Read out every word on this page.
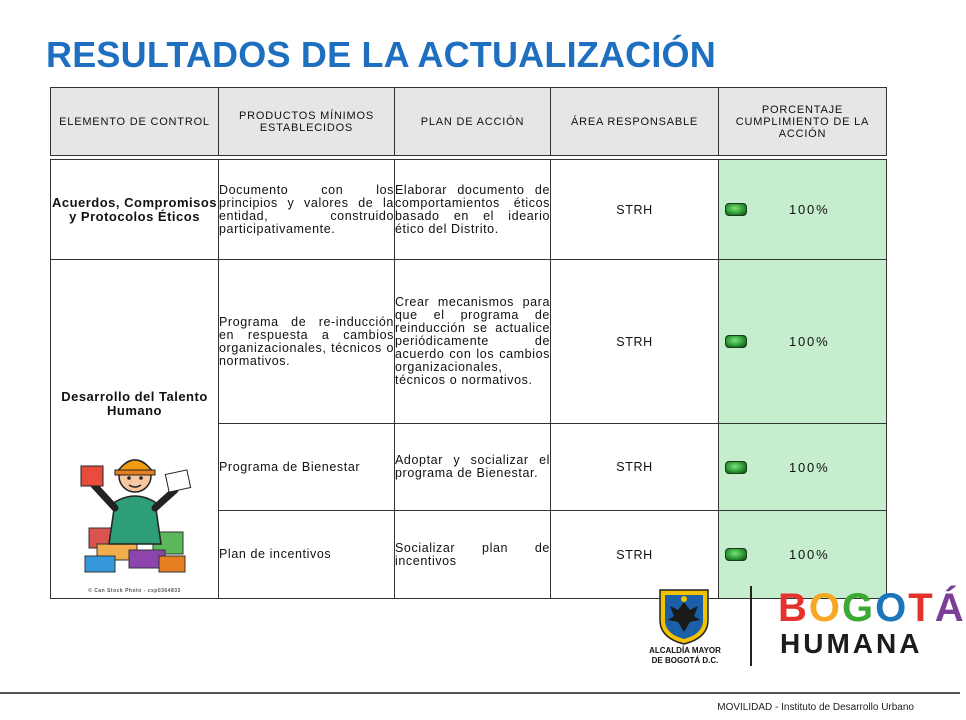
RESULTADOS DE LA ACTUALIZACIÓN
ELEMENTO DE CONTROL	PRODUCTOS MÍNIMOS ESTABLECIDOS	PLAN DE ACCIÓN	ÁREA RESPONSABLE	PORCENTAJE CUMPLIMIENTO DE LA ACCIÓN

Acuerdos, Compromisos y Protocolos Éticos	Documento con los principios y valores de la entidad, construido participativamente.	Elaborar documento de comportamientos éticos basado en el ideario ético del Distrito.	STRH	100%

Desarrollo del Talento Humano
© Can Stock Photo - csp0364833	Programa de re-inducción en respuesta a cambios organizacionales, técnicos o normativos.	Crear mecanismos para que el programa de reinducción se actualice periódicamente de acuerdo con los cambios organizacionales, técnicos o normativos.	STRH	100%

	Programa de Bienestar	Adoptar y socializar el programa de Bienestar.	STRH	100%

	Plan de incentivos	Socializar plan de incentivos	STRH	100%
ALCALDÍA MAYOR
DE BOGOTÁ D.C.
BOGOTÁ
HUMANA

MOVILIDAD - Instituto de Desarrollo Urbano
